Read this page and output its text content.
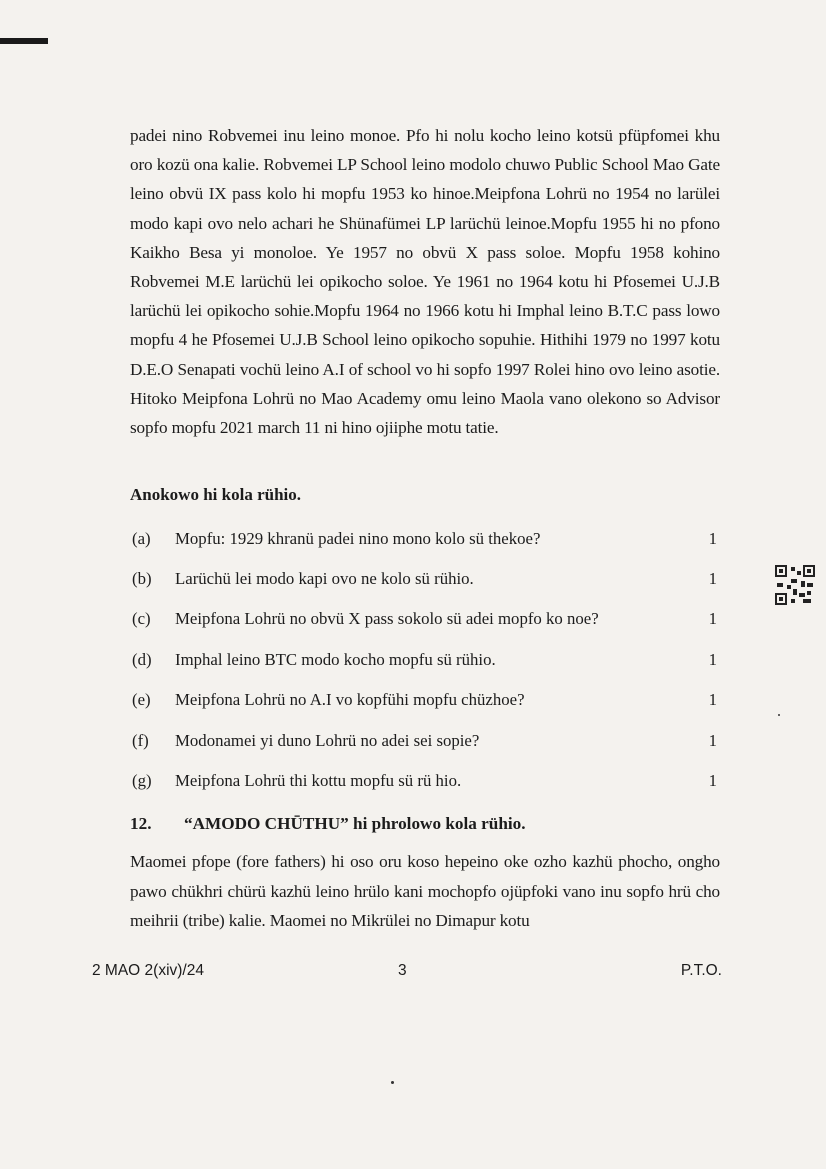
padei nino Robvemei inu leino monoe. Pfo hi nolu kocho leino kotsü pfüpfomei khu oro kozü ona kalie. Robvemei LP School leino modolo chuwo Public School Mao Gate leino obvü IX pass kolo hi mopfu 1953 ko hinoe.Meipfona Lohrü no 1954 no larülei modo kapi ovo nelo achari he Shünafümei LP larüchü leinoe.Mopfu 1955 hi no pfono Kaikho Besa yi monoloe. Ye 1957 no obvü X pass soloe. Mopfu 1958 kohino Robvemei M.E larüchü lei opikocho soloe. Ye 1961 no 1964 kotu hi Pfosemei U.J.B larüchü lei opikocho sohie.Mopfu 1964 no 1966 kotu hi Imphal leino B.T.C pass lowo mopfu 4 he Pfosemei U.J.B School leino opikocho sopuhie. Hithihi 1979 no 1997 kotu D.E.O Senapati vochü leino A.I of school vo hi sopfo 1997 Rolei hino ovo leino asotie. Hitoko Meipfona Lohrü no Mao Academy omu leino Maola vano olekono so Advisor sopfo mopfu 2021 march 11 ni hino ojiiphe motu tatie.

Anokowo hi kola rühio.
(a) Mopfu: 1929 khranü padei nino mono kolo sü thekoe?	1
(b) Larüchü lei modo kapi ovo ne kolo sü rühio.	1
(c) Meipfona Lohrü no obvü X pass sokolo sü adei mopfo ko noe?	1
(d) Imphal leino BTC modo kocho mopfu sü rühio.	1
(e) Meipfona Lohrü no A.I vo kopfühi mopfu chüzhoe?	1
(f) Modonamei yi duno Lohrü no adei sei sopie?	1
(g) Meipfona Lohrü thi kottu mopfu sü rü hio.	1
12. “AMODO CHŪTHU” hi phrolowo kola rühio.

Maomei pfope (fore fathers) hi oso oru koso hepeino oke ozho kazhü phocho, ongho pawo chükhri chürü kazhü leino hrülo kani mochopfo ojüpfoki vano inu sopfo hrü cho meihrii (tribe) kalie. Maomei no Mikrülei no Dimapur kotu

2 MAO 2(xiv)/24	3	P.T.O.
